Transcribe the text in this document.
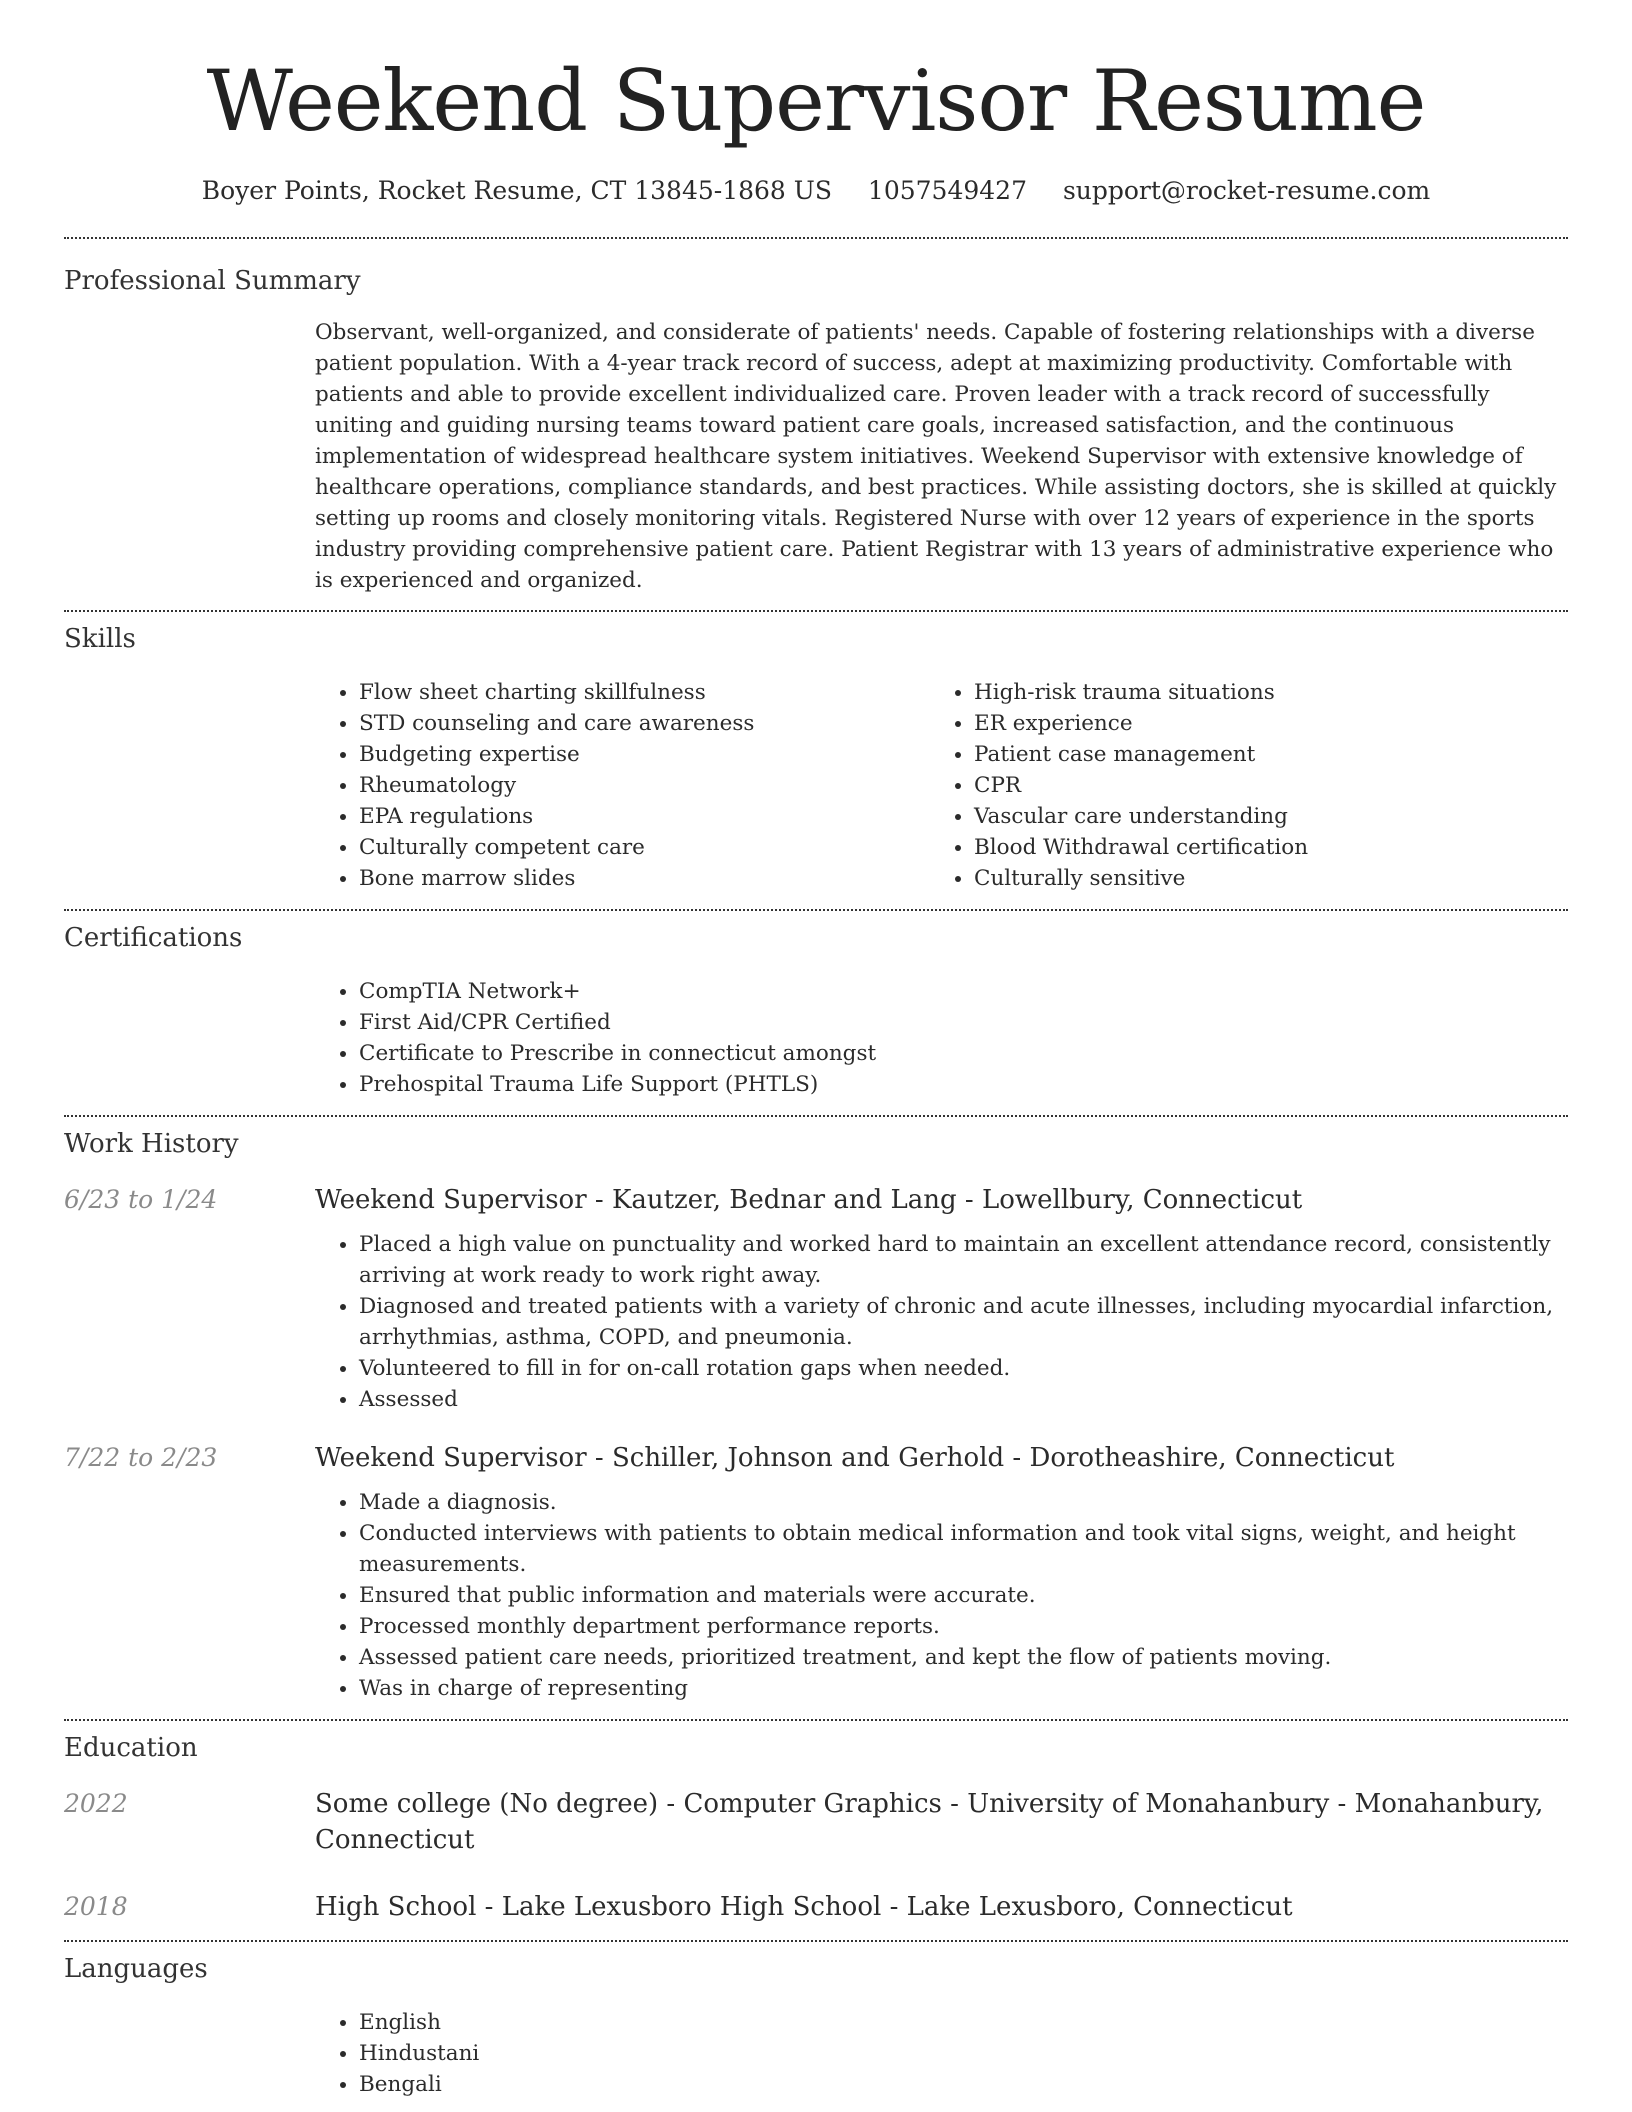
Weekend Supervisor Resume
Boyer Points, Rocket Resume, CT 13845-1868 US 1057549427 support@rocket-resume.com
Professional Summary

Observant, well-organized, and considerate of patients' needs. Capable of fostering relationships with a diverse patient population. With a 4-year track record of success, adept at maximizing productivity. Comfortable with patients and able to provide excellent individualized care. Proven leader with a track record of successfully uniting and guiding nursing teams toward patient care goals, increased satisfaction, and the continuous implementation of widespread healthcare system initiatives. Weekend Supervisor with extensive knowledge of healthcare operations, compliance standards, and best practices. While assisting doctors, she is skilled at quickly setting up rooms and closely monitoring vitals. Registered Nurse with over 12 years of experience in the sports industry providing comprehensive patient care. Patient Registrar with 13 years of administrative experience who is experienced and organized.

Skills
• Flow sheet charting skillfulness
• STD counseling and care awareness
• Budgeting expertise
• Rheumatology
• EPA regulations
• Culturally competent care
• Bone marrow slides
• High-risk trauma situations
• ER experience
• Patient case management
• CPR
• Vascular care understanding
• Blood Withdrawal certification
• Culturally sensitive
Certifications
• CompTIA Network+
• First Aid/CPR Certified
• Certificate to Prescribe in connecticut amongst
• Prehospital Trauma Life Support (PHTLS)
Work History
6/23 to 1/24	Weekend Supervisor - Kautzer, Bednar and Lang - Lowellbury, Connecticut
• Placed a high value on punctuality and worked hard to maintain an excellent attendance record, consistently arriving at work ready to work right away.
• Diagnosed and treated patients with a variety of chronic and acute illnesses, including myocardial infarction, arrhythmias, asthma, COPD, and pneumonia.
• Volunteered to fill in for on-call rotation gaps when needed.
• Assessed
7/22 to 2/23	Weekend Supervisor - Schiller, Johnson and Gerhold - Dorotheashire, Connecticut
• Made a diagnosis.
• Conducted interviews with patients to obtain medical information and took vital signs, weight, and height measurements.
• Ensured that public information and materials were accurate.
• Processed monthly department performance reports.
• Assessed patient care needs, prioritized treatment, and kept the flow of patients moving.
• Was in charge of representing
Education
2022	Some college (No degree) - Computer Graphics - University of Monahanbury - Monahanbury, Connecticut
2018	High School - Lake Lexusboro High School - Lake Lexusboro, Connecticut
Languages
• English
• Hindustani
• Bengali
